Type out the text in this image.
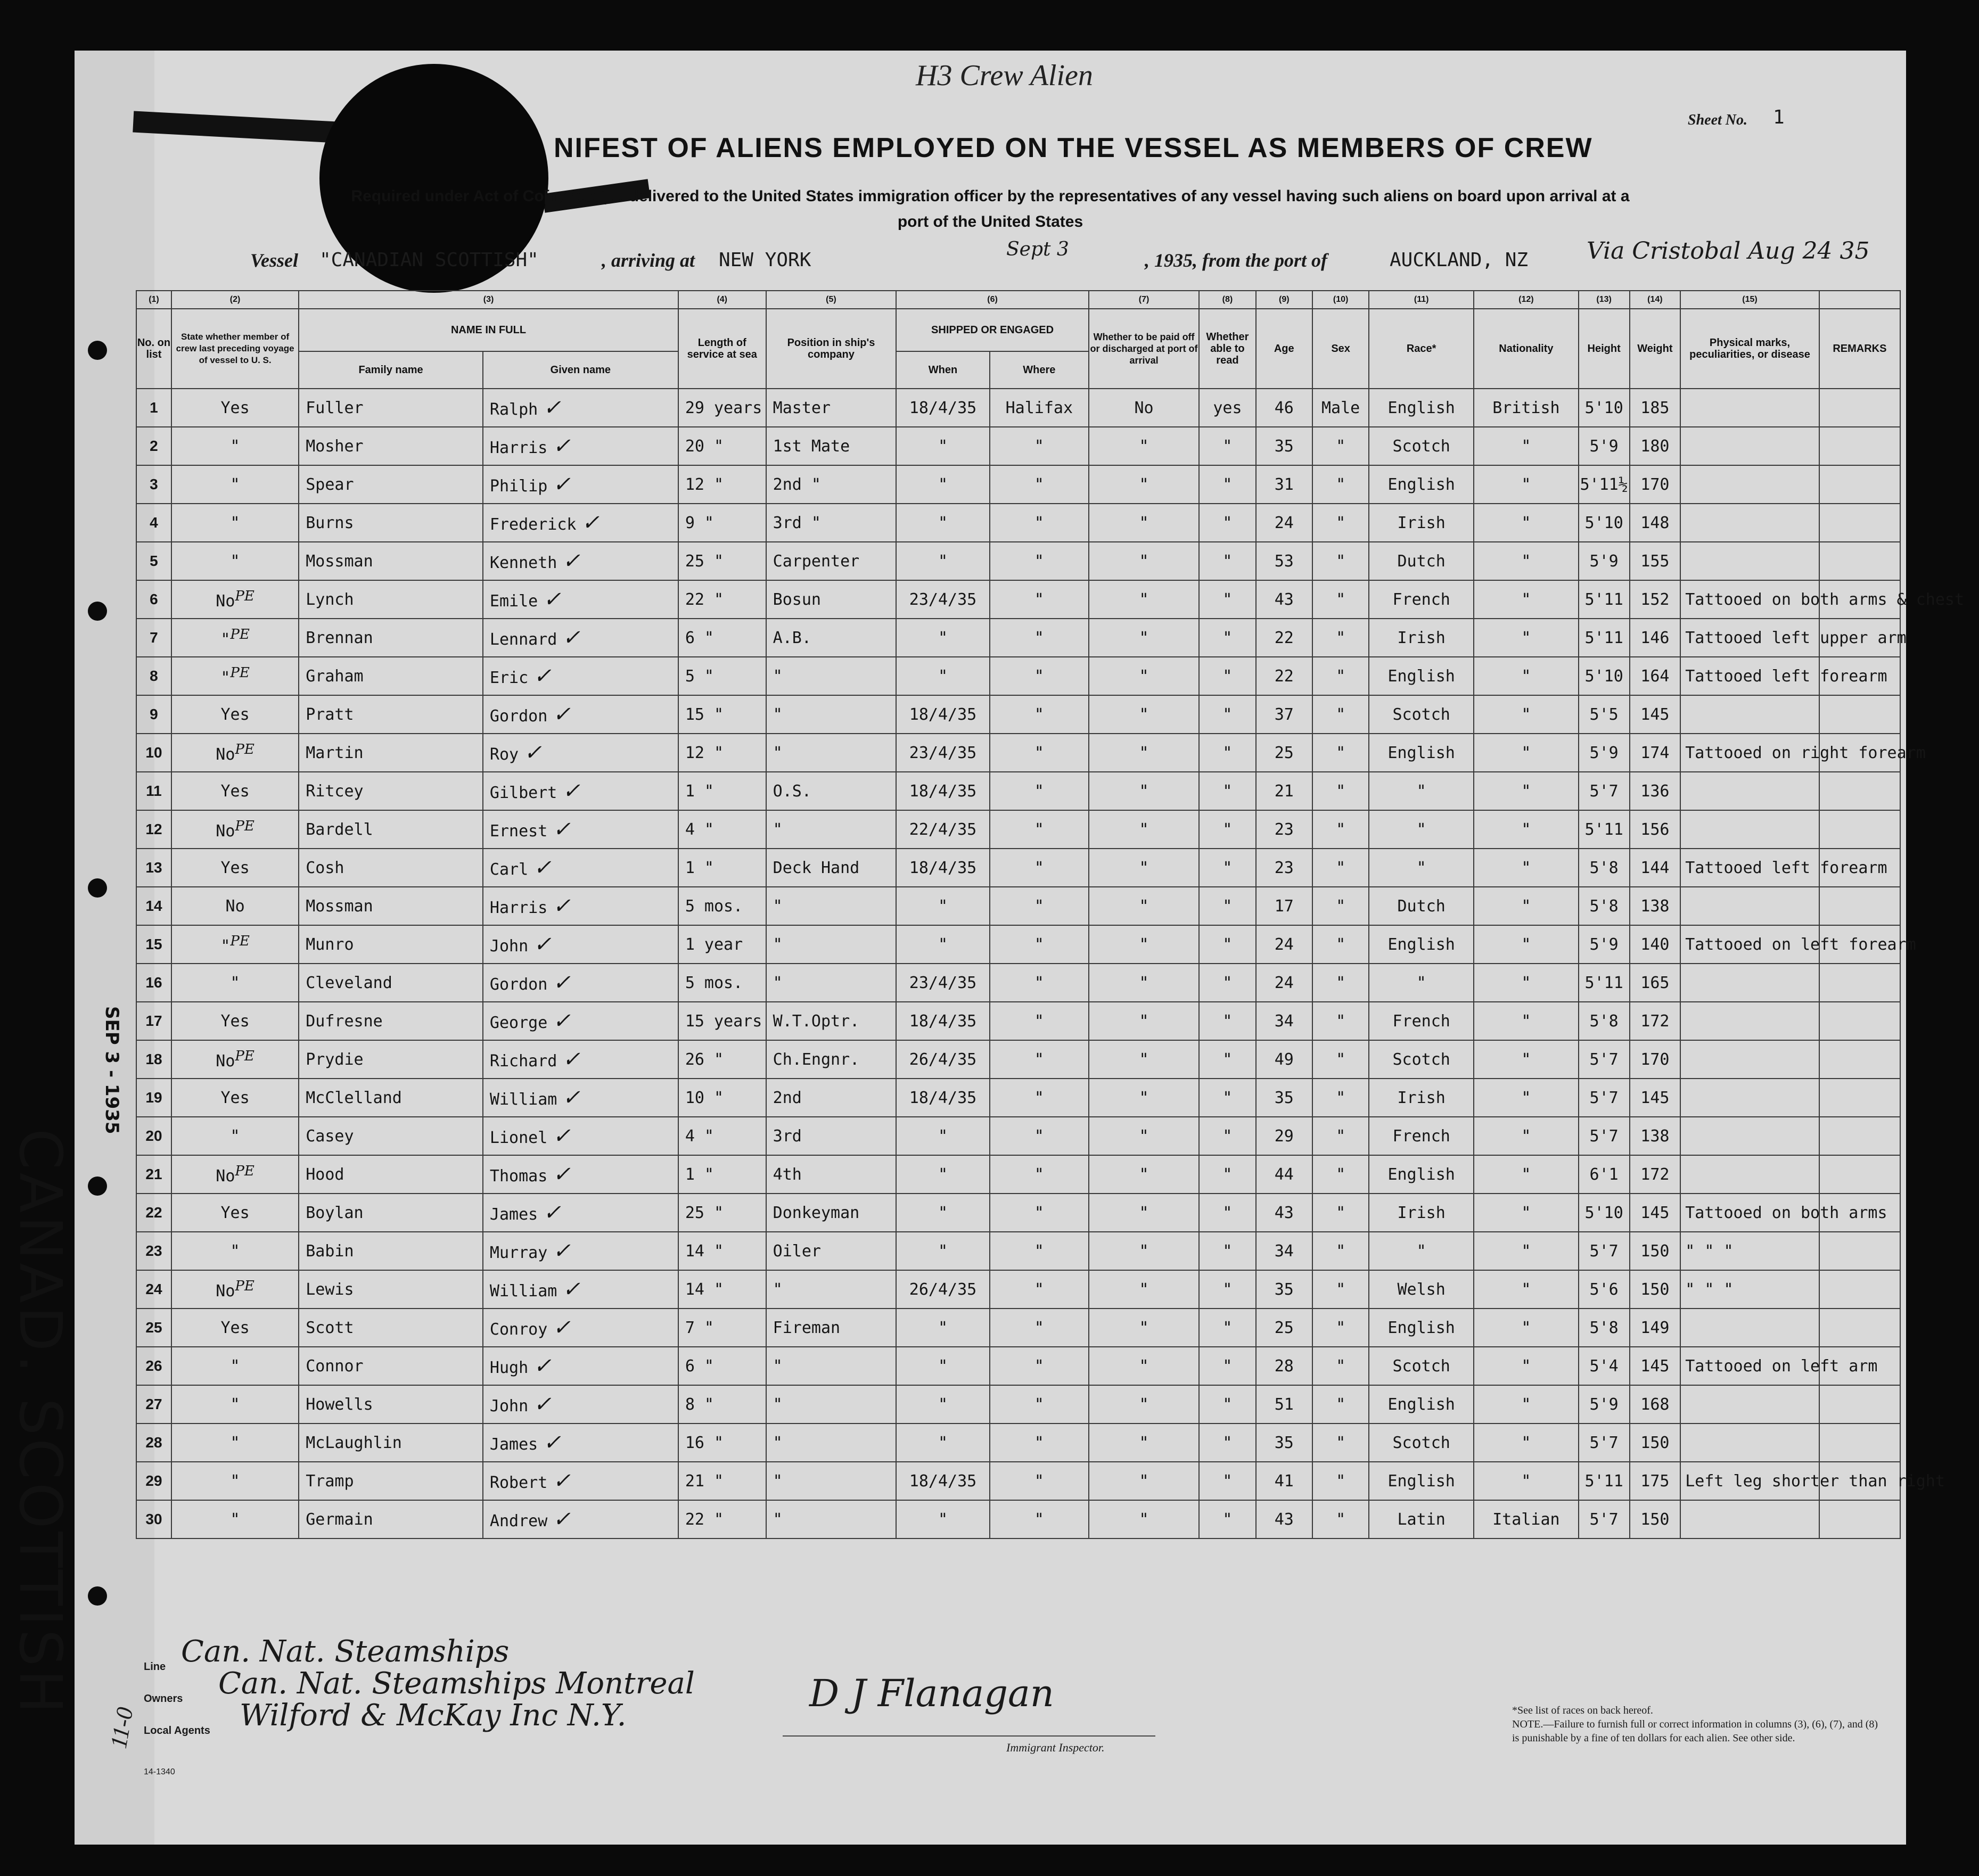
H3 Crew Alien
NIFEST OF ALIENS EMPLOYED ON THE VESSEL AS MEMBERS OF CREW
Sheet No. 1
Required under Act of Co[ngress] ... delivered to the United States immigration officer by the representatives of any vessel having such aliens on board upon arrival at a
port of the United States
Vessel "CANADIAN SCOTTISH"	, arriving at NEW YORK	Sept 3	, 1935, from the port of	AUCKLAND, NZ Via Cristobal Aug 24 35
CANAD. SCOTTISH
SEP 3 - 1935
(1)	(2)	(3)		(4)	(5)	(6)		(7)	(8)	(9)	(10)	(11)	(12)	(13)	(14)	(15)	
No. on list	State whether member of crew last preceding voyage of vessel to U. S.	NAME IN FULL		Length of service at sea	Position in ship's company	SHIPPED OR ENGAGED		Whether to be paid off or discharged at port of arrival	Whether able to read	Age	Sex	Race*	Nationality	Height	Weight	Physical marks, peculiarities, or disease	REMARKS
		Family name	Given name			When	Where										
1	Yes	Fuller	Ralph ✓	29 years	Master	18/4/35	Halifax	No	yes	46	Male	English	British	5'10	185		
2	"	Mosher	Harris ✓	20 "	1st Mate	"	"	"	"	35	"	Scotch	"	5'9	180		
3	"	Spear	Philip ✓	12 "	2nd "	"	"	"	"	31	"	English	"	5'11½	170		
4	"	Burns	Frederick ✓	9 "	3rd "	"	"	"	"	24	"	Irish	"	5'10	148		
5	"	Mossman	Kenneth ✓	25 "	Carpenter	"	"	"	"	53	"	Dutch	"	5'9	155		
6	NoPE	Lynch	Emile ✓	22 "	Bosun	23/4/35	"	"	"	43	"	French	"	5'11	152	Tattooed on both arms & chest	
7	"PE	Brennan	Lennard ✓	6 "	A.B.	"	"	"	"	22	"	Irish	"	5'11	146	Tattooed left upper arm	
8	"PE	Graham	Eric ✓	5 "	"	"	"	"	"	22	"	English	"	5'10	164	Tattooed left forearm	
9	Yes	Pratt	Gordon ✓	15 "	"	18/4/35	"	"	"	37	"	Scotch	"	5'5	145		
10	NoPE	Martin	Roy ✓	12 "	"	23/4/35	"	"	"	25	"	English	"	5'9	174	Tattooed on right forearm	
11	Yes	Ritcey	Gilbert ✓	1 "	O.S.	18/4/35	"	"	"	21	"	"	"	5'7	136		
12	NoPE	Bardell	Ernest ✓	4 "	"	22/4/35	"	"	"	23	"	"	"	5'11	156		
13	Yes	Cosh	Carl ✓	1 "	Deck Hand	18/4/35	"	"	"	23	"	"	"	5'8	144	Tattooed left forearm	
14	No	Mossman	Harris ✓	5 mos.	"	"	"	"	"	17	"	Dutch	"	5'8	138		
15	"PE	Munro	John ✓	1 year	"	"	"	"	"	24	"	English	"	5'9	140	Tattooed on left forearm	
16	"	Cleveland	Gordon ✓	5 mos.	"	23/4/35	"	"	"	24	"	"	"	5'11	165		
17	Yes	Dufresne	George ✓	15 years	W.T.Optr.	18/4/35	"	"	"	34	"	French	"	5'8	172		
18	NoPE	Prydie	Richard ✓	26 "	Ch.Engnr.	26/4/35	"	"	"	49	"	Scotch	"	5'7	170		
19	Yes	McClelland	William ✓	10 "	2nd	18/4/35	"	"	"	35	"	Irish	"	5'7	145		
20	"	Casey	Lionel ✓	4 "	3rd	"	"	"	"	29	"	French	"	5'7	138		
21	NoPE	Hood	Thomas ✓	1 "	4th	"	"	"	"	44	"	English	"	6'1	172		
22	Yes	Boylan	James ✓	25 "	Donkeyman	"	"	"	"	43	"	Irish	"	5'10	145	Tattooed on both arms	
23	"	Babin	Murray ✓	14 "	Oiler	"	"	"	"	34	"	"	"	5'7	150	" " "	
24	NoPE	Lewis	William ✓	14 "	"	26/4/35	"	"	"	35	"	Welsh	"	5'6	150	" " "	
25	Yes	Scott	Conroy ✓	7 "	Fireman	"	"	"	"	25	"	English	"	5'8	149		
26	"	Connor	Hugh ✓	6 "	"	"	"	"	"	28	"	Scotch	"	5'4	145	Tattooed on left arm	
27	"	Howells	John ✓	8 "	"	"	"	"	"	51	"	English	"	5'9	168		
28	"	McLaughlin	James ✓	16 "	"	"	"	"	"	35	"	Scotch	"	5'7	150		
29	"	Tramp	Robert ✓	21 "	"	18/4/35	"	"	"	41	"	English	"	5'11	175	Left leg shorter than right	
30	"	Germain	Andrew ✓	22 "	"	"	"	"	"	43	"	Latin	Italian	5'7	150		
Line Can. Nat. Steamships
Owners Can. Nat. Steamships Montreal
Local Agents Wilford & McKay Inc N.Y.
D J Flanagan
Immigrant Inspector.
*See list of races on back hereof.
NOTE.—Failure to furnish full or correct information in columns (3), (6), (7), and (8) is punishable by a fine of ten dollars for each alien. See other side.
14-1340
11-0
